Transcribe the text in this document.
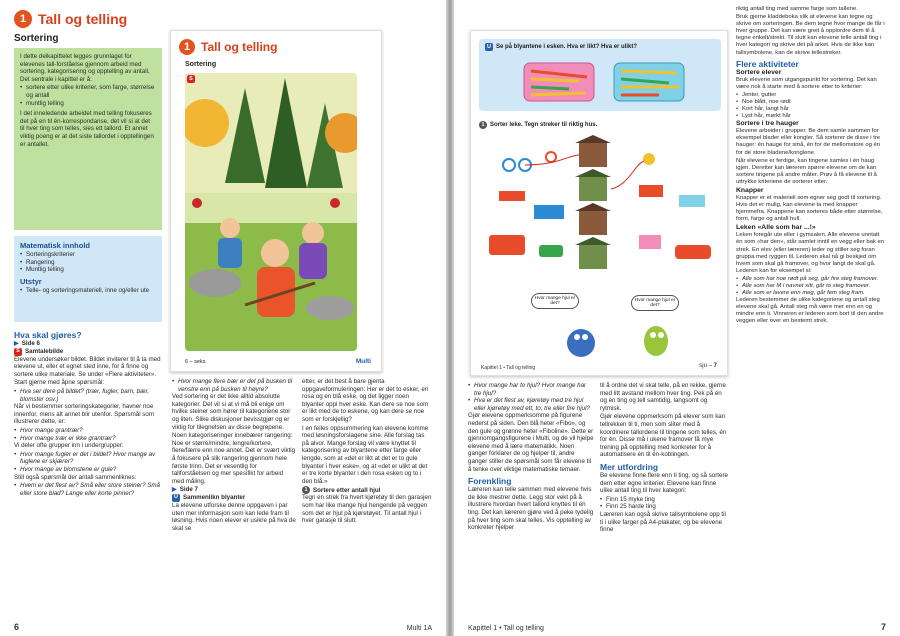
1 Tall og telling
Sortering

I dette delkapittelet legges grunnlaget for elevenes tall-forståelse gjennom arbeid med sortering, kategorisering og opptelling av antall. Det sentrale i kapittel er å:

• sortere etter ulike kriterier, som farge, størrelse og antall
• muntlig telling

I det inneledende arbeidet med telling fokuseres det på en til én-korrespondanse, det vil si at det til hver ting som telles, sies ett tallord. Et annet viktig poeng er at det siste tallordet i opptellingen er antallet.

Matematisk innhold
• Sorteringskriterier
• Rangering
• Muntlig telling
Utstyr
• Telle- og sorteringsmateriell, inne og/eller ute
1 Tall og telling
Sortering
S
6 – seks	Multi
Hva skal gjøres?
▶ Side 6
S Samtalebilde

Elevene undersøker bildet. Bildet inviterer til å ta med elevene ut, eller et egnet sted inne, for å finne og sortere ulike materiale. Se under «Flere aktiviteter».

Start gjerne med åpne spørsmål:

• Hva ser dere på bildet? (trær, fugler, barn, bær, blomster osv.)

Når vi bestemmer sorteringskategorier, havner noe innenfor, mens alt annet blir utenfor. Spørsmål som illustrerer dette, er:

• Hvor mange grantrær?
• Hvor mange trær er ikke grantrær?

Vi deler ofte grupper inn i undergrupper:

• Hvor mange fugler er det i bildet? Hvor mange av fuglene er skjærer?
• Hvor mange av blomstene er gule?

Still også spørsmål der antall sammenliknes:

• Hvem er det flest av? Små eller store steiner? Små eller store blad? Lange eller korte pinner?
• Hvor mange flere bær er det på busken til venstre enn på busken til høyre?

Ved sortering er det ikke alltid absolutte kategorier. Det vil si at vi må bli enige om hvilke steiner som hører til kategoriene stor og liten. Slike diskusjoner bevisstgjør og er viktig for tilegnelsen av disse begrepene.

Noen kategoriseringer innebærer rangering: Noe er større/mindre, lengre/kortere, flere/færre enn noe annet. Det er svært viktig å fokusere på slik rangering gjennom hele første trinn. Det er vesentlig for tallforståelsen og mer spesifikt for arbeid med måling.

▶ Side 7
U Sammenlikn blyanter

La elevene utforske denne oppgaven i par uten mer informasjon som kan lede fram til løsning. Hvis noen elever er usikre på hva de skal se

etter, er det best å bare gjenta oppgaveformuleringen: Her er det to esker, en rosa og en blå eske, og det ligger noen blyanter oppi hver eske. Kan dere se noe som er likt med de to eskene, og kan dere se noe som er forskjellig?

I en felles oppsummering kan elevene komme med løsningsforslagene sine. Alle forslag tas på alvor. Mange forslag vil være knyttet til kategorisering av blyantene etter farge eller lengde, som at «det er likt at det er to gule blyanter i hver eske», og at «det er ulikt at det er tre korte blyanter i den rosa esken og to i den blå.»

1 Sortere etter antall hjul

Tegn en strek fra hvert kjøretøy til den garasjen som har like mange hjul hengende på veggen som det er hjul på kjøretøyet. Til antall hjul i hver garasje til slutt.

6	Multi 1A
U Se på blyantene i esken. Hva er likt? Hva er ulikt?
1 Sorter leke. Tegn streker til riktig hus.
Hvor mange hjul er det?
Hvor mange hjul er det?
Kapittel 1 • Tall og telling	sju – 7
• Hvor mange har to hjul? Hvor mange har tre hjul?
• Hva er det flest av, kjøretøy med tre hjul eller kjøretøy med ett, to, tre eller fire hjul?

Gjør elevene oppmerksomme på figurene nederst på siden. Den blå heter «Fibo», og den gule og grønne heter «Fiboline». Dette er gjennomgangsfigurene i Multi, og de vil hjelpe elevene med å lære matematikk. Noen ganger forklarer de og hjelper til, andre ganger stiller de spørsmål som får elevene til å tenke over viktige matematiske temaer.

Forenkling

Læreren kan telle sammen med elevene hvis de ikke mestrer dette. Legg stor vekt på å illustrere hvordan hvert tallord knyttes til én ting. Det kan læreren gjøre ved å peke tydelig på hver ting som skal telles. Vis opptelling av konkreter hjelper

til å ordne det vi skal telle, på en rekke, gjerne med litt avstand mellom hver ting. Pek på én og én ting og tell samtidig, langsomt og rytmisk.

Gjør elevene oppmerksom på elever som kan tellrekken til ti, men som sliter med å koordinere tallordene til tingene som telles, én for én. Disse må i ukene framover få mye trening på opptelling med konkreter for å automatisere én til én-koblingen.

Mer utfordring

Be elevene finne flere enn ti ting, og så sortere dem etter egne kriterier. Elevene kan finne ulike antall ting til hver kategori:

• Finn 15 myke ting
• Finn 25 harde ting

Læreren kan også skrive tallsymbolene opp til ti i ulike farger på A4-plakater, og be elevene finne

riktig antall ting med samme farge som tallene.

Bruk gjerne kladdeboka slik at elevene kan tegne og skrive om sorteringen. Be dem tegne hvor mange de får i hver gruppe. Det kan være greit å opplordre dem til å tegne enkelt/strekt. Til slutt kan elevene telle antall ting i hver kategori og skrive det på arket. Hvis de ikke kan tallsymbolene, kan de skrive tellestreker.

Flere aktiviteter
Sortere elever

Bruk elevene som utgangspunkt for sortering. Det kan være nok å starte med å sortere etter to kriterier:

• Jenter, gutter
• Noe blått, noe rødt
• Kort hår, langt hår
• Lyst hår, mørkt hår
Sortere i tre hauger

Elevene arbeider i grupper. Be dem samle sammen for eksempel blader eller kongler. Så sorterer de disse i tre hauger: én hauge for små, én for de mellomstore og én for de store bladene/konglene.

Når elevene er ferdige, kan tingene samles i én haug igjen. Deretter kan læreren spørre elevene om de kan sortere tingene på andre måter. Prøv å få elevene til å uttrykke kriteriene de sorterer etter.

Knapper

Knapper er et materiell som egner seg godt til sortering. Hvis det er mulig, kan elevene ta med knapper hjemmefra. Knappene kan sorteres både etter størrelse, form, farge og antall hull.

Leken «Alle som har ...!»

Leken foregår ute eller i gymsalen. Alle elevene unntatt én som «har den», står samlet inntil en vegg eller bak en strek. En elev (eller læreren) leder og stiller seg foran gruppa med ryggen til. Lederen skal nå gi beskjed om hvem som skal gå framover, og hvor langt de skal gå. Lederen kan for eksempel si:

• Alle som har noe rødt på seg, går fire steg framover.
• Alle som har M i navnet sitt, går to steg framover.
• Alle som er lavere enn meg, går fem steg fram.

Lederen bestemmer de ulike kategoriene og antall steg elevene skal gå. Antall steg må være mer enn en og mindre enn ti. Vinneren er lederen som bort til den andre veggen eller over en bestemt strek.

Kapittel 1 • Tall og telling	7
